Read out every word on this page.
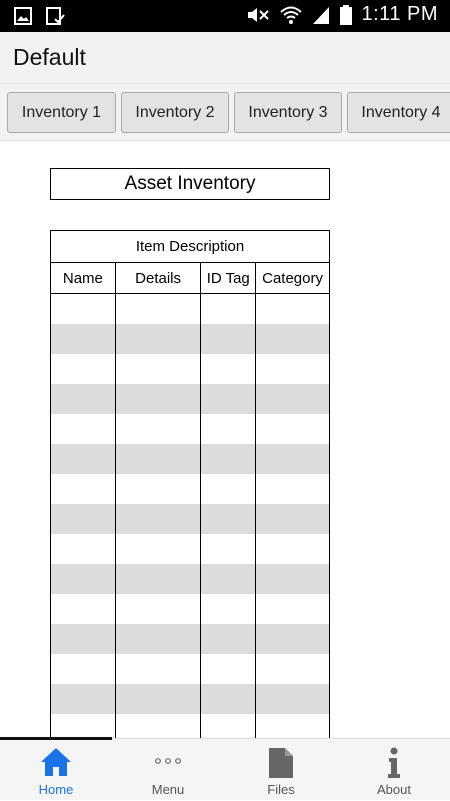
1:11 PM
Default
Inventory 1	Inventory 2	Inventory 3	Inventory 4
Asset Inventory
Item Description			
Name	Details	ID Tag	Category

Home	Menu	Files	About
